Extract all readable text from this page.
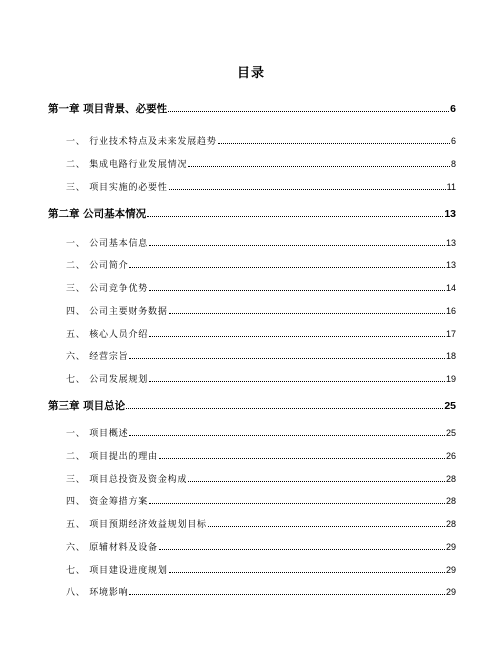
目录
第一章 项目背景、必要性	6
一、 行业技术特点及未来发展趋势	6
二、 集成电路行业发展情况	8
三、 项目实施的必要性	11
第二章 公司基本情况	13
一、 公司基本信息	13
二、 公司简介	13
三、 公司竞争优势	14
四、 公司主要财务数据	16
五、 核心人员介绍	17
六、 经营宗旨	18
七、 公司发展规划	19
第三章 项目总论	25
一、 项目概述	25
二、 项目提出的理由	26
三、 项目总投资及资金构成	28
四、 资金筹措方案	28
五、 项目预期经济效益规划目标	28
六、 原辅材料及设备	29
七、 项目建设进度规划	29
八、 环境影响	29
